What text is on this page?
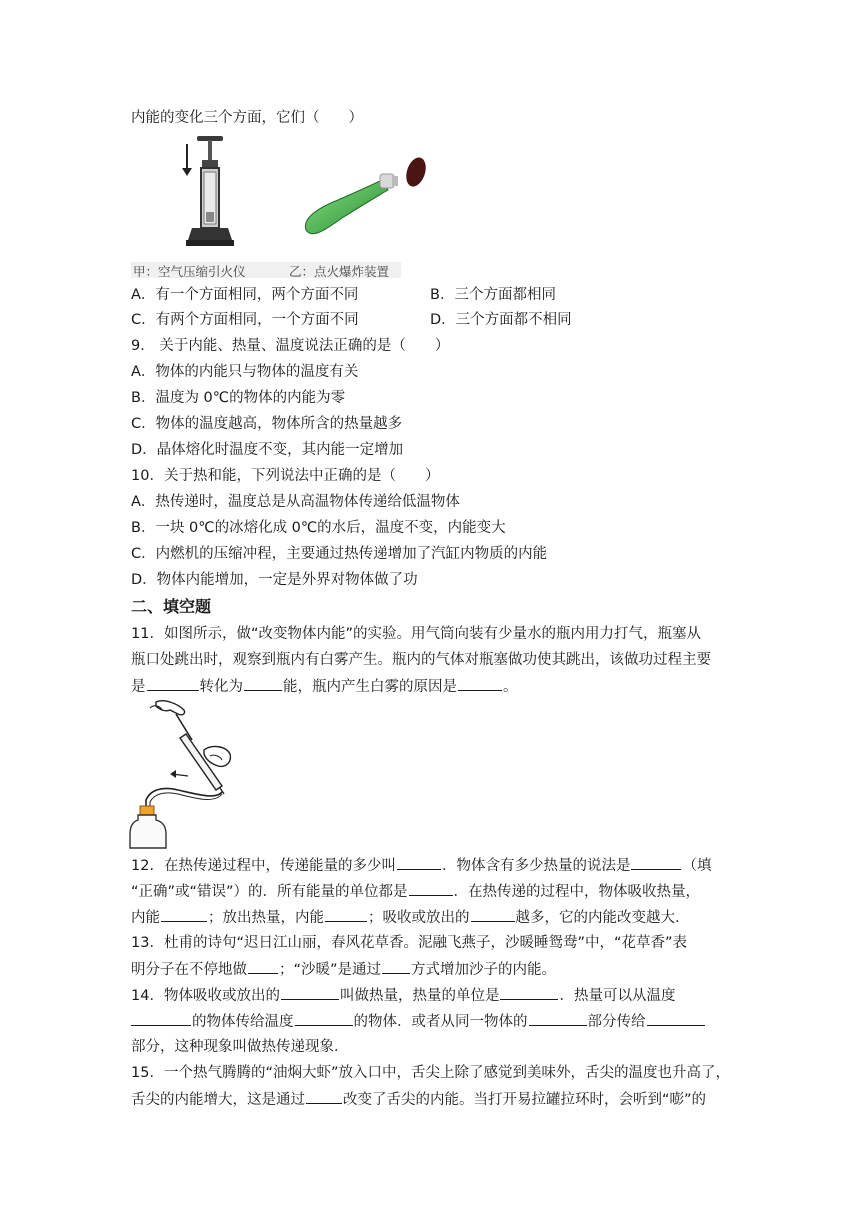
内能的变化三个方面，它们（　　）
甲：空气压缩引火仪	乙：点火爆炸装置
A．有一个方面相同，两个方面不同	B．三个方面都相同
C．有两个方面相同，一个方面不同	D．三个方面都不相同
9． 关于内能、热量、温度说法正确的是（　　）
A．物体的内能只与物体的温度有关
B．温度为 0℃的物体的内能为零
C．物体的温度越高，物体所含的热量越多
D．晶体熔化时温度不变，其内能一定增加
10．关于热和能，下列说法中正确的是（　　）
A．热传递时，温度总是从高温物体传递给低温物体
B．一块 0℃的冰熔化成 0℃的水后，温度不变，内能变大
C．内燃机的压缩冲程，主要通过热传递增加了汽缸内物质的内能
D．物体内能增加，一定是外界对物体做了功
二、填空题
11．如图所示，做“改变物体内能”的实验。用气筒向装有少量水的瓶内用力打气，瓶塞从
瓶口处跳出时，观察到瓶内有白雾产生。瓶内的气体对瓶塞做功使其跳出，该做功过程主要
是	转化为	能，瓶内产生白雾的原因是	。
12．在热传递过程中，传递能量的多少叫	．物体含有多少热量的说法是	（填
“正确”或“错误”）的．所有能量的单位都是	．在热传递的过程中，物体吸收热量，
内能	；放出热量，内能	；吸收或放出的	越多，它的内能改变越大．
13．杜甫的诗句“迟日江山丽，春风花草香。泥融飞燕子，沙暖睡鸳鸯”中，“花草香”表
明分子在不停地做 ；“沙暖”是通过 方式增加沙子的内能。
14．物体吸收或放出的	叫做热量，热量的单位是	．热量可以从温度
的物体传给温度	的物体．或者从同一物体的	部分传给
部分，这种现象叫做热传递现象．
15．一个热气腾腾的“油焖大虾”放入口中，舌尖上除了感觉到美味外，舌尖的温度也升高了，
舌尖的内能增大，这是通过	改变了舌尖的内能。当打开易拉罐拉环时，会听到“嘭”的
